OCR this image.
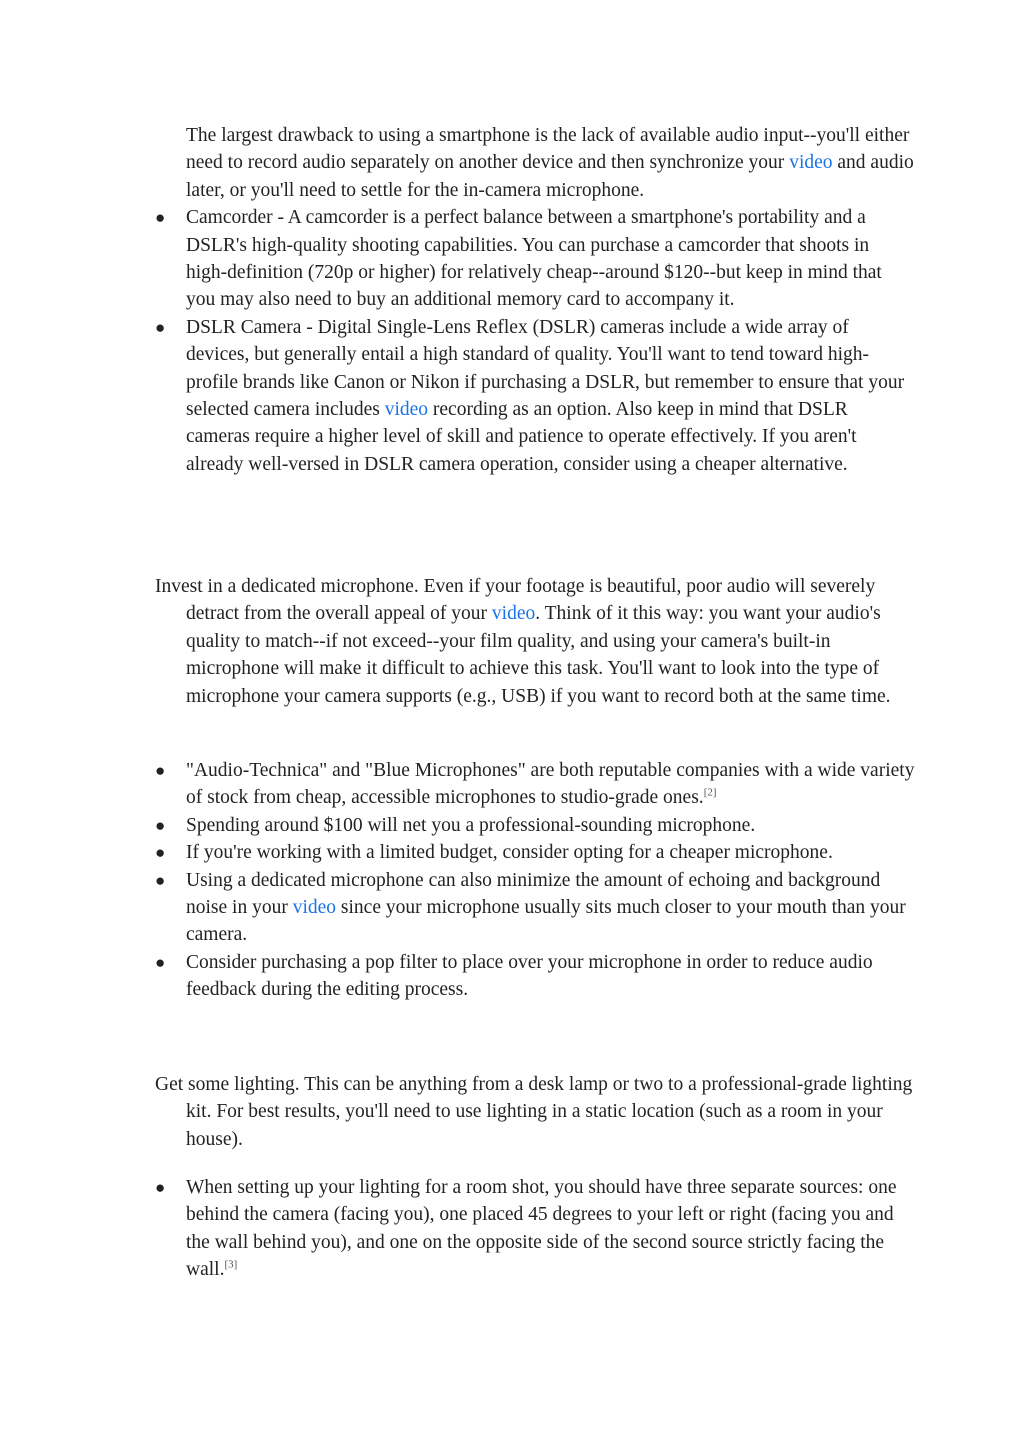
The largest drawback to using a smartphone is the lack of available audio input--you'll either need to record audio separately on another device and then synchronize your video and audio later, or you'll need to settle for the in-camera microphone.

●	Camcorder - A camcorder is a perfect balance between a smartphone's portability and a DSLR's high-quality shooting capabilities. You can purchase a camcorder that shoots in high-definition (720p or higher) for relatively cheap--around $120--but keep in mind that you may also need to buy an additional memory card to accompany it.
●	DSLR Camera - Digital Single-Lens Reflex (DSLR) cameras include a wide array of devices, but generally entail a high standard of quality. You'll want to tend toward high-profile brands like Canon or Nikon if purchasing a DSLR, but remember to ensure that your selected camera includes video recording as an option. Also keep in mind that DSLR cameras require a higher level of skill and patience to operate effectively. If you aren't already well-versed in DSLR camera operation, consider using a cheaper alternative.

Invest in a dedicated microphone. Even if your footage is beautiful, poor audio will severely detract from the overall appeal of your video. Think of it this way: you want your audio's quality to match--if not exceed--your film quality, and using your camera's built-in microphone will make it difficult to achieve this task. You'll want to look into the type of microphone your camera supports (e.g., USB) if you want to record both at the same time.

●	"Audio-Technica" and "Blue Microphones" are both reputable companies with a wide variety of stock from cheap, accessible microphones to studio-grade ones.[2]
●	Spending around $100 will net you a professional-sounding microphone.
●	If you're working with a limited budget, consider opting for a cheaper microphone.
●	Using a dedicated microphone can also minimize the amount of echoing and background noise in your video since your microphone usually sits much closer to your mouth than your camera.
●	Consider purchasing a pop filter to place over your microphone in order to reduce audio feedback during the editing process.

Get some lighting. This can be anything from a desk lamp or two to a professional-grade lighting kit. For best results, you'll need to use lighting in a static location (such as a room in your house).

●	When setting up your lighting for a room shot, you should have three separate sources: one behind the camera (facing you), one placed 45 degrees to your left or right (facing you and the wall behind you), and one on the opposite side of the second source strictly facing the wall.[3]
